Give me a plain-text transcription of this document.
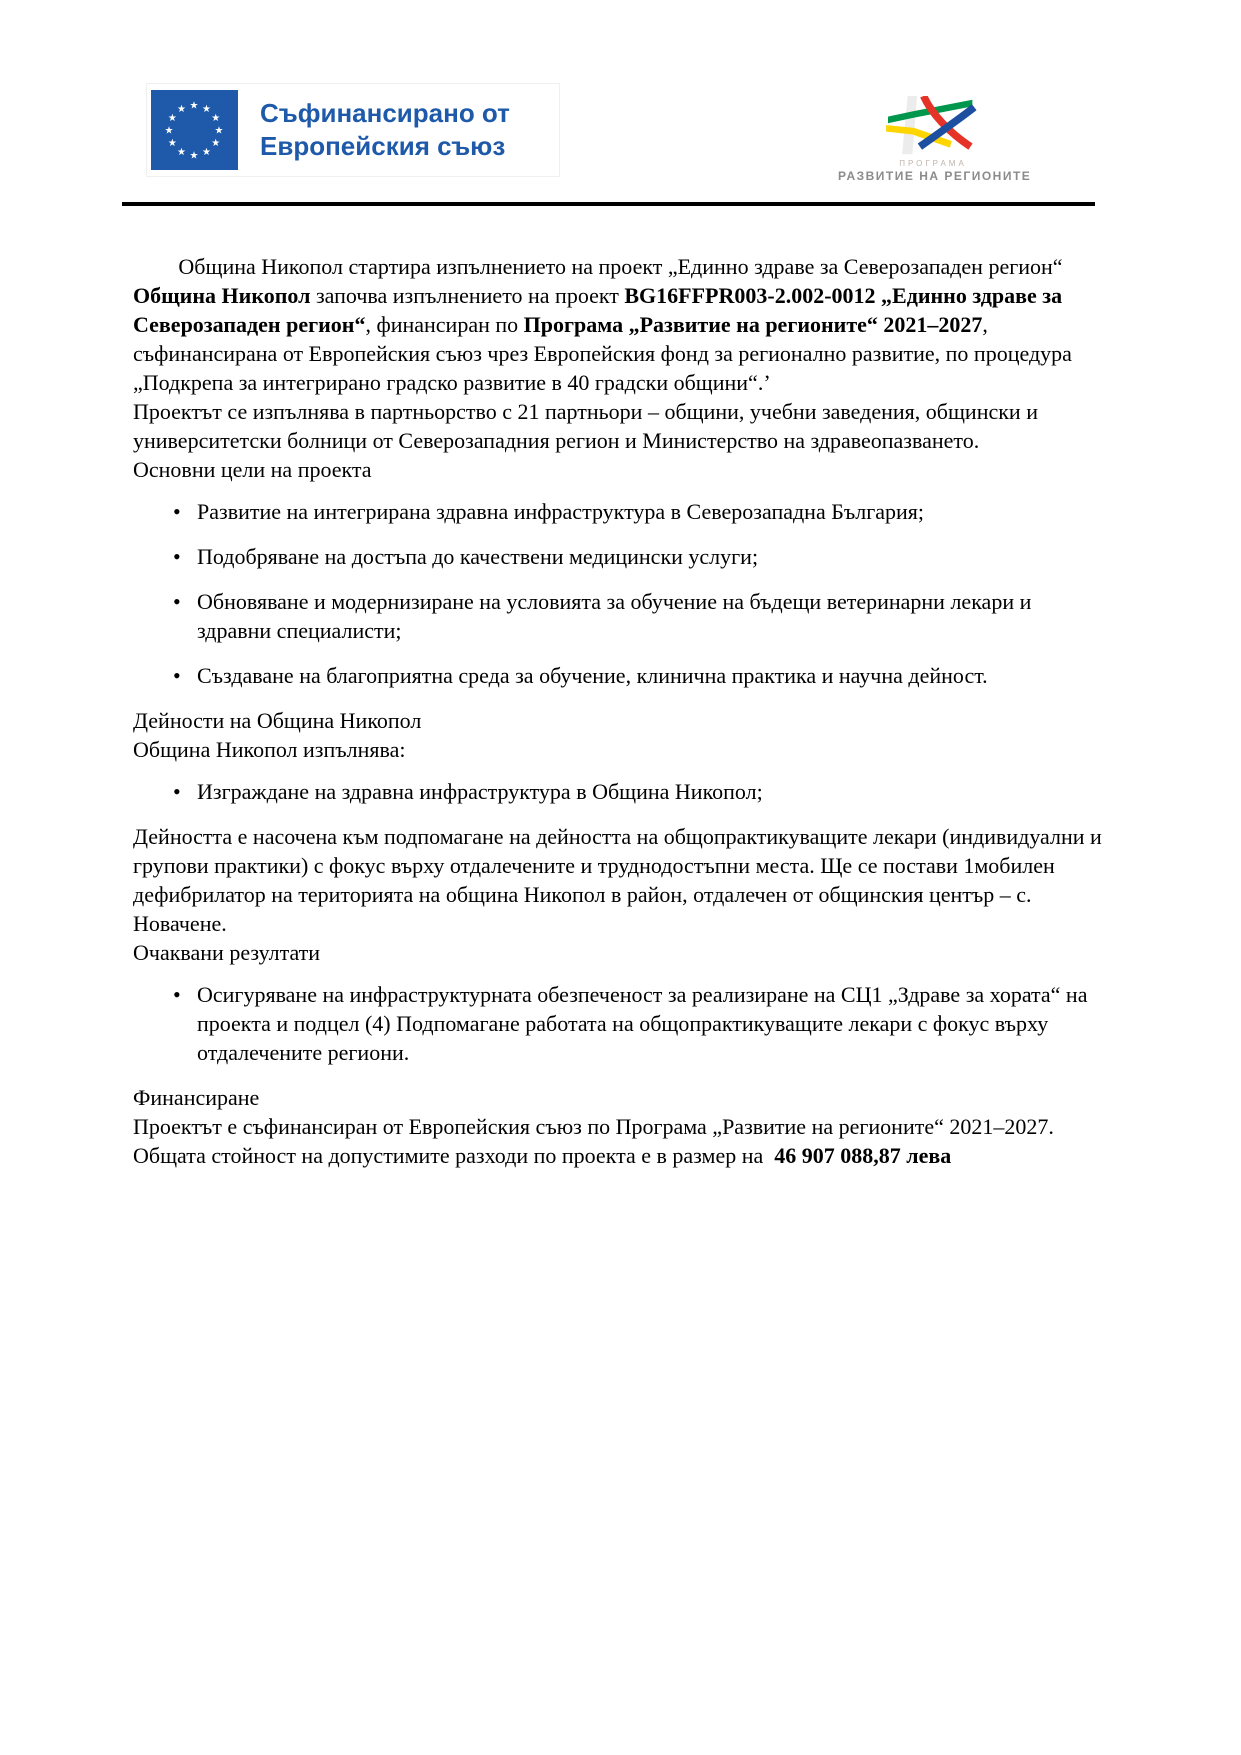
★ ★
★
★
★
★
★
★
★
★
★
★	Съфинансирано от
Европейския съюз
ПРОГРАМА
РАЗВИТИЕ НА РЕГИОНИТЕ

Община Никопол стартира изпълнението на проект „Единно здраве за Северозападен регион“

Община Никопол започва изпълнението на проект BG16FFPR003-2.002-0012 „Единно здраве за Северозападен регион“, финансиран по Програма „Развитие на регионите“ 2021–2027, съфинансирана от Европейския съюз чрез Европейския фонд за регионално развитие, по процедура „Подкрепа за интегрирано градско развитие в 40 градски общини“.’

Проектът се изпълнява в партньорство с 21 партньори – общини, учебни заведения, общински и университетски болници от Северозападния регион и Министерство на здравеопазването.

Основни цели на проекта
• Развитие на интегрирана здравна инфраструктура в Северозападна България;
• Подобряване на достъпа до качествени медицински услуги;
• Обновяване и модернизиране на условията за обучение на бъдещи ветеринарни лекари и здравни специалисти;
• Създаване на благоприятна среда за обучение, клинична практика и научна дейност.
Дейности на Община Никопол

Община Никопол изпълнява:

• Изграждане на здравна инфраструктура в Община Никопол;

Дейността е насочена към подпомагане на дейността на общопрактикуващите лекари (индивидуални и групови практики) с фокус върху отдалечените и труднодостъпни места. Ще се постави 1мобилен дефибрилатор на територията на община Никопол в район, отдалечен от общинския център – с. Новачене.

Очаквани резултати
• Осигуряване на инфраструктурната обезпеченост за реализиране на СЦ1 „Здраве за хората“ на проекта и подцел (4) Подпомагане работата на общопрактикуващите лекари с фокус върху отдалечените региони.
Финансиране

Проектът е съфинансиран от Европейския съюз по Програма „Развитие на регионите“ 2021–2027.

Общата стойност на допустимите разходи по проекта е в размер на  46 907 088,87 лева
